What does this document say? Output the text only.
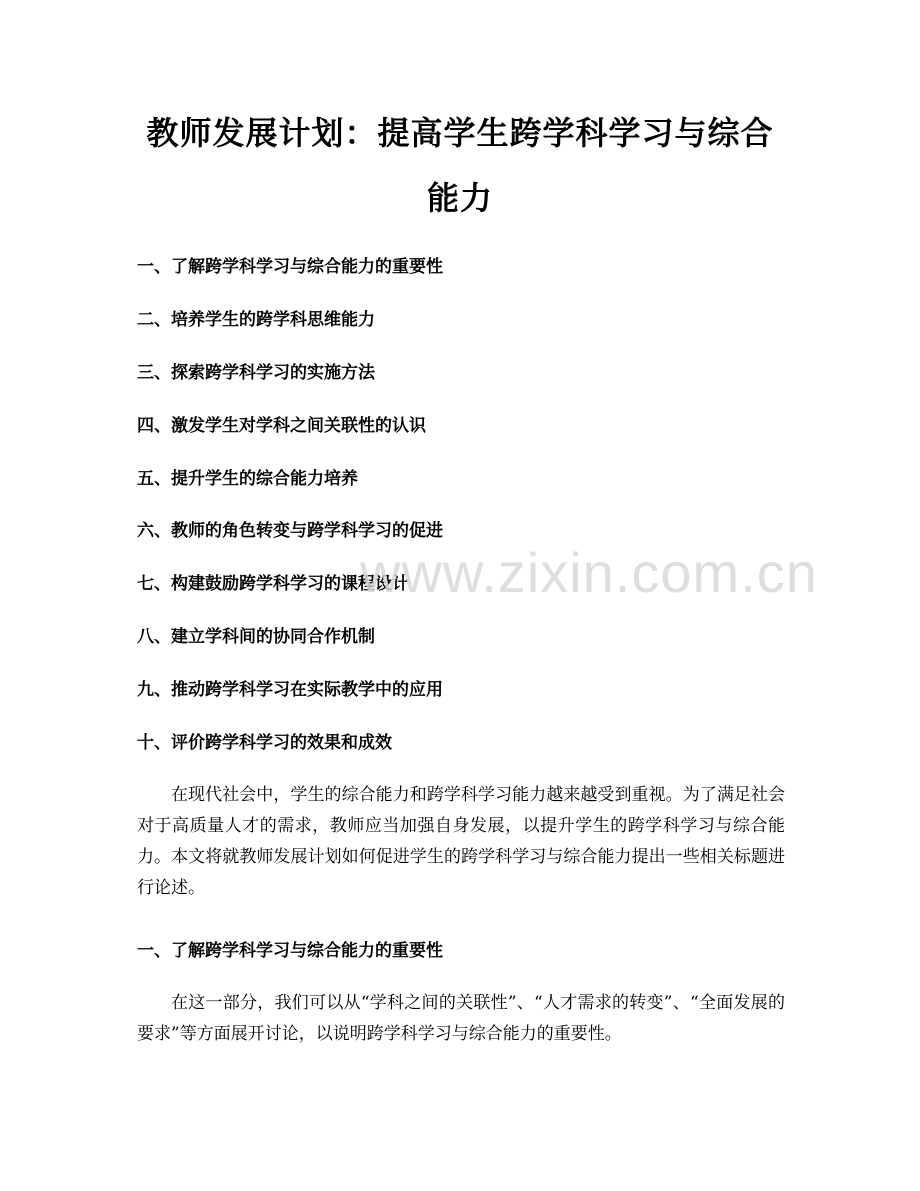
教师发展计划：提高学生跨学科学习与综合
能力
一、了解跨学科学习与综合能力的重要性
二、培养学生的跨学科思维能力
三、探索跨学科学习的实施方法
四、激发学生对学科之间关联性的认识
五、提升学生的综合能力培养
六、教师的角色转变与跨学科学习的促进
七、构建鼓励跨学科学习的课程设计
八、建立学科间的协同合作机制
九、推动跨学科学习在实际教学中的应用
十、评价跨学科学习的效果和成效
www.zixin.com.cn

在现代社会中，学生的综合能力和跨学科学习能力越来越受到重视。为了满足社会对于高质量人才的需求，教师应当加强自身发展，以提升学生的跨学科学习与综合能力。本文将就教师发展计划如何促进学生的跨学科学习与综合能力提出一些相关标题进行论述。

一、了解跨学科学习与综合能力的重要性

在这一部分，我们可以从“学科之间的关联性”、“人才需求的转变”、“全面发展的要求”等方面展开讨论，以说明跨学科学习与综合能力的重要性。
